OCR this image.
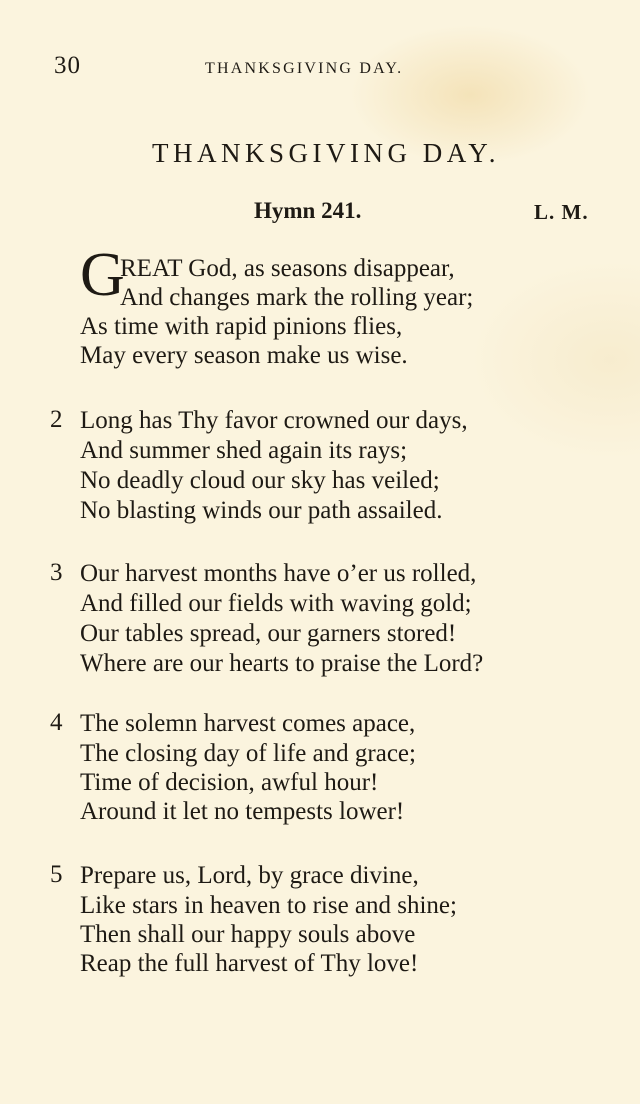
30	THANKSGIVING DAY.
THANKSGIVING DAY.
Hymn 241.	L. M.
G
REAT God, as seasons disappear,
And changes mark the rolling year;
As time with rapid pinions flies,
May every season make us wise.
2 Long has Thy favor crowned our days,
And summer shed again its rays;
No deadly cloud our sky has veiled;
No blasting winds our path assailed.
3 Our harvest months have o’er us rolled,
And filled our fields with waving gold;
Our tables spread, our garners stored!
Where are our hearts to praise the Lord?
4 The solemn harvest comes apace,
The closing day of life and grace;
Time of decision, awful hour!
Around it let no tempests lower!
5 Prepare us, Lord, by grace divine,
Like stars in heaven to rise and shine;
Then shall our happy souls above
Reap the full harvest of Thy love!
